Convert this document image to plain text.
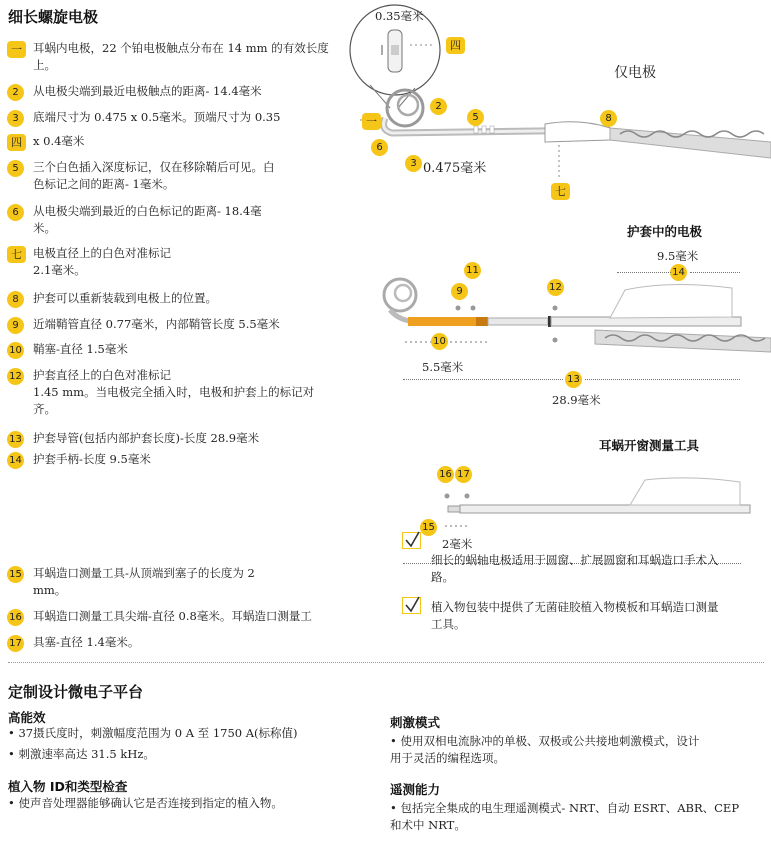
细长螺旋电极
一 耳蜗内电极，22 个铂电极触点分布在 14 mm 的有效长度
上。
2	从电极尖端到最近电极触点的距离- 14.4毫米
3	底端尺寸为 0.475 x 0.5毫米。顶端尺寸为 0.35
四 x 0.4毫米
5	三个白色插入深度标记，仅在移除鞘后可见。白
色标记之间的距离- 1毫米。
6	从电极尖端到最近的白色标记的距离- 18.4毫
米。
七 电极直径上的白色对准标记
2.1毫米。
8	护套可以重新装载到电极上的位置。
9	近端鞘管直径 0.77毫米，内部鞘管长度 5.5毫米
10 鞘塞-直径 1.5毫米
12 护套直径上的白色对准标记
1.45 mm。当电极完全插入时，电极和护套上的标记对
齐。
13 护套导管(包括内部护套长度)-长度 28.9毫米
14 护套手柄-长度 9.5毫米
15 耳蜗造口测量工具-从顶端到塞子的长度为 2
mm。
16 耳蜗造口测量工具尖端-直径 0.8毫米。耳蜗造口测量工
17 具塞-直径 1.4毫米。
0.35毫米
四
一
2
5
6
3 0.475毫米
8
七
仅电极
护套中的电极
9.5毫米
14
11
9	12
10
5.5毫米
13
28.9毫米
耳蜗开窗测量工具
16 17
15
2毫米
细长的蜗轴电极适用于圆窗、扩展圆窗和耳蜗造口手术入
路。
植入物包装中提供了无菌硅胶植入物模板和耳蜗造口测量
工具。
定制设计微电子平台
高能效
• 37摄氏度时，刺激幅度范围为 0 A 至 1750 A(标称值)
• 刺激速率高达 31.5 kHz。
植入物 ID和类型检查
• 使声音处理器能够确认它是否连接到指定的植入物。
刺激模式
• 使用双相电流脉冲的单极、双极或公共接地刺激模式，设计
用于灵活的编程选项。
遥测能力
• 包括完全集成的电生理遥测模式- NRT、自动 ESRT、ABR、CEP
和术中 NRT。
